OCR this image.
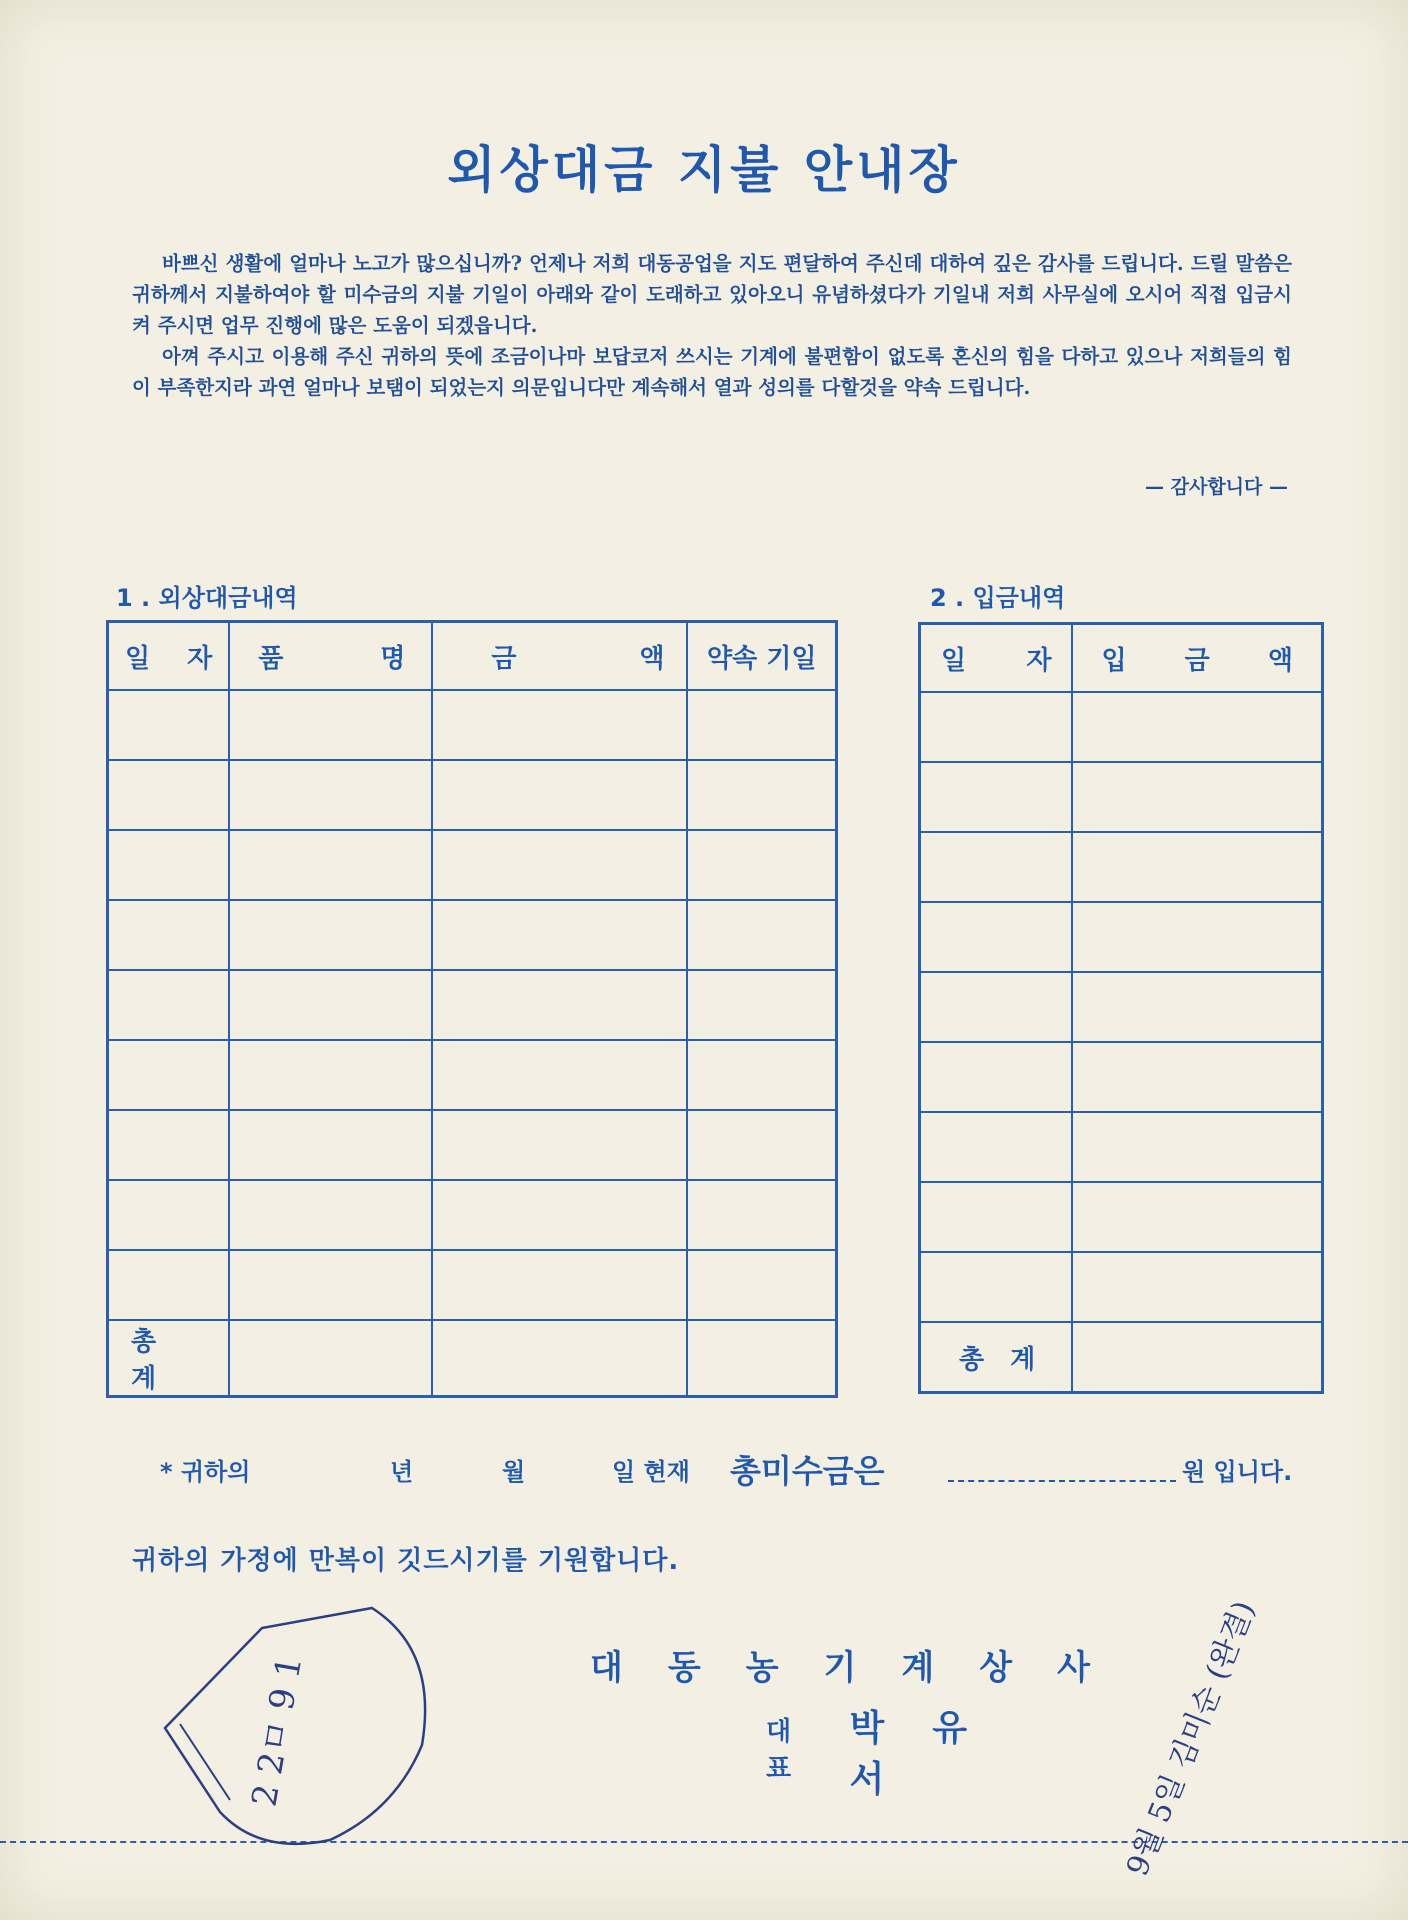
외상대금 지불 안내장

바쁘신 생활에 얼마나 노고가 많으십니까? 언제나 저희 대동공업을 지도 편달하여 주신데 대하여 깊은 감사를 드립니다. 드릴 말씀은 귀하께서 지불하여야 할 미수금의 지불 기일이 아래와 같이 도래하고 있아오니 유념하셨다가 기일내 저희 사무실에 오시어 직접 입금시켜 주시면 업무 진행에 많은 도움이 되겠읍니다.

아껴 주시고 이용해 주신 귀하의 뜻에 조금이나마 보답코저 쓰시는 기계에 불편함이 없도록 혼신의 힘을 다하고 있으나 저희들의 힘이 부족한지라 과연 얼마나 보탬이 되었는지 의문입니다만 계속해서 열과 성의를 다할것을 약속 드립니다.

— 감사합니다 —
1 . 외상대금내역
일 자	품 명	금 액	약속 기일

총계			
2 . 입금내역
일 자	입 금 액

총계	
* 귀하의	년	월	일 현재 총미수금은	원 입니다.
귀하의 가정에 만복이 깃드시기를 기원합니다.
대 동 농 기 계 상 사
대표
박유서
2 2ㅁ 9 1	9월 5일 김미순 (완결)
